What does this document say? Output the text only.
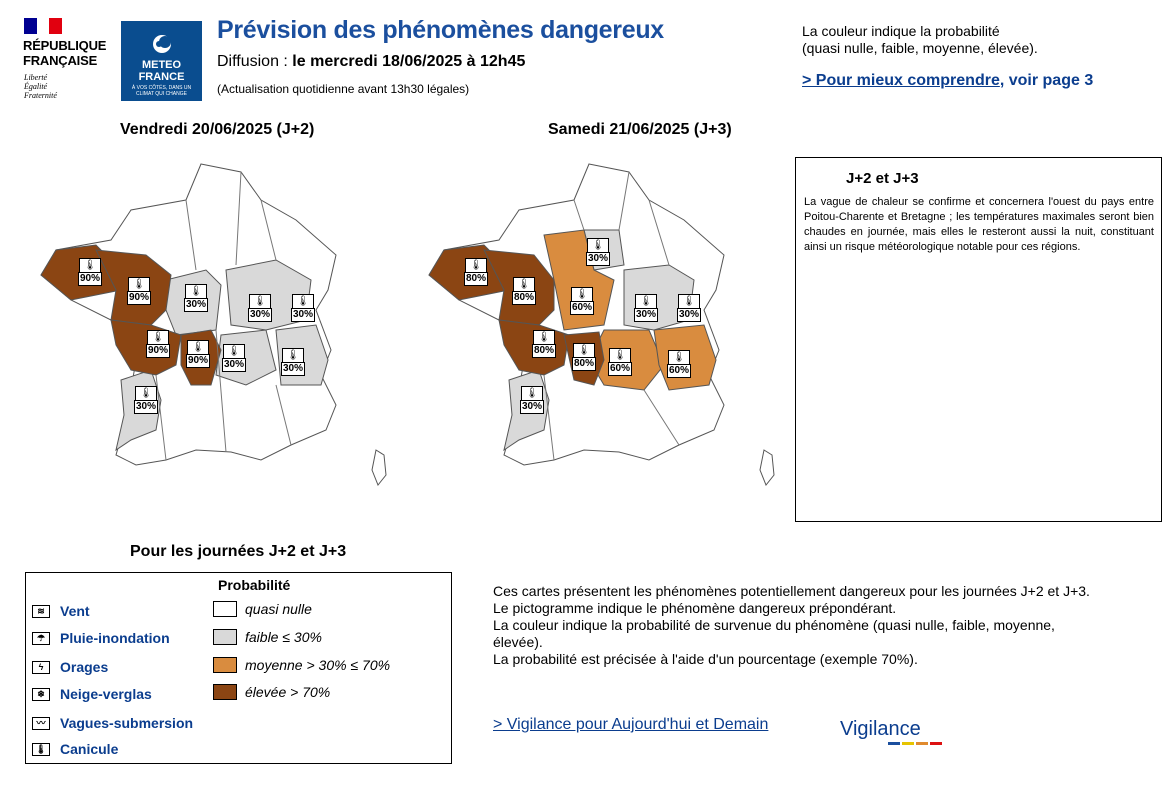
RÉPUBLIQUE FRANÇAISE
Liberté
Égalité
Fraternité
METEO FRANCE
À VOS CÔTÉS, DANS UN CLIMAT QUI CHANGE
Prévision des phénomènes dangereux
Diffusion : le mercredi 18/06/2025 à 12h45
(Actualisation quotidienne avant 13h30 légales)
La couleur indique la probabilité
(quasi nulle, faible, moyenne, élevée).
> Pour mieux comprendre, voir page 3
Vendredi 20/06/2025 (J+2)
🌡
90%
🌡
90%
🌡
30%	🌡
30%
🌡
30%
🌡
90%	🌡
90%
🌡
30%
🌡
30%
🌡
30%
Samedi 21/06/2025 (J+3)
🌡
80%
🌡
80%
🌡
30%
🌡
60%
🌡
30%
🌡
30%
🌡
80%	🌡
80%
🌡
60%
🌡
60%
🌡
30%
J+2 et J+3
La vague de chaleur se confirme et concernera l'ouest du pays entre Poitou-Charente et Bretagne ; les températures maximales seront bien chaudes en journée, mais elles le resteront aussi la nuit, constituant ainsi un risque météorologique notable pour ces régions.
Pour les journées J+2 et J+3
≋	Vent
☂	Pluie-inondation
ϟ	Orages
❄	Neige-verglas
〰	Vagues-submersion
🌡 Canicule
Probabilité
quasi nulle
faible ≤ 30%
moyenne > 30% ≤ 70%
élevée > 70%
Ces cartes présentent les phénomènes potentiellement dangereux pour les journées J+2 et J+3.
Le pictogramme indique le phénomène dangereux prépondérant.
La couleur indique la probabilité de survenue du phénomène (quasi nulle, faible, moyenne, élevée).
La probabilité est précisée à l'aide d'un pourcentage (exemple 70%).
> Vigilance pour Aujourd'hui et Demain	Vigilance
